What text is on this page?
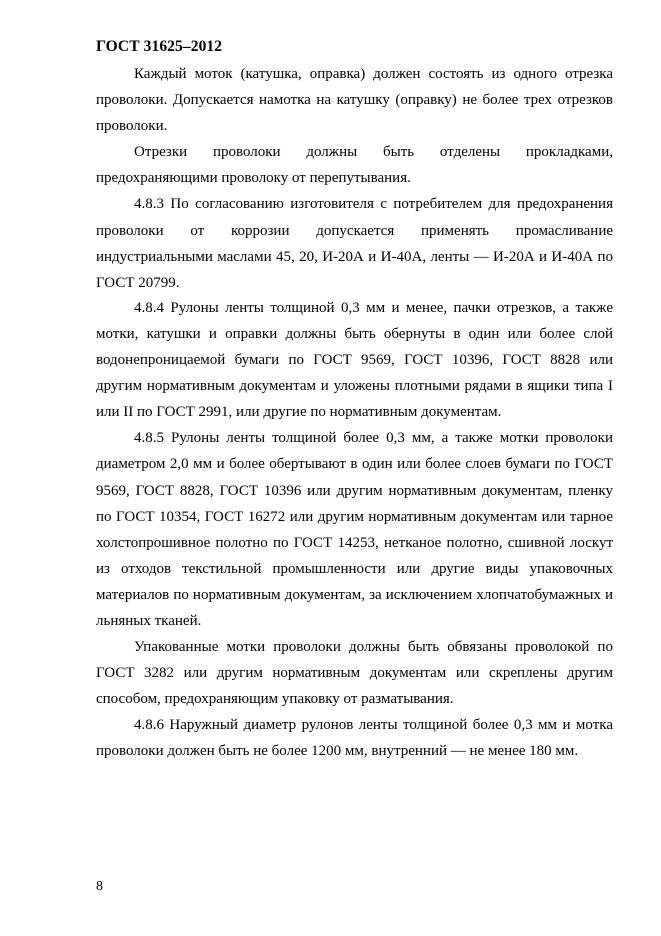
ГОСТ 31625–2012

Каждый моток (катушка, оправка) должен состоять из одного отрезка проволоки. Допускается намотка на катушку (оправку) не более трех отрезков проволоки.

Отрезки проволоки должны быть отделены прокладками, предохраняющими проволоку от перепутывания.

4.8.3 По согласованию изготовителя с потребителем для предохранения проволоки от коррозии допускается применять промасливание индустриальными маслами 45, 20, И-20А и И-40А, ленты — И-20А и И-40А по ГОСТ 20799.

4.8.4 Рулоны ленты толщиной 0,3 мм и менее, пачки отрезков, а также мотки, катушки и оправки должны быть обернуты в один или более слой водонепроницаемой бумаги по ГОСТ 9569, ГОСТ 10396, ГОСТ 8828 или другим нормативным документам и уложены плотными рядами в ящики типа I или II по ГОСТ 2991, или другие по нормативным документам.

4.8.5 Рулоны ленты толщиной более 0,3 мм, а также мотки проволоки диаметром 2,0 мм и более обертывают в один или более слоев бумаги по ГОСТ 9569, ГОСТ 8828, ГОСТ 10396 или другим нормативным документам, пленку по ГОСТ 10354, ГОСТ 16272 или другим нормативным документам или тарное холстопрошивное полотно по ГОСТ 14253, нетканое полотно, сшивной лоскут из отходов текстильной промышленности или другие виды упаковочных материалов по нормативным документам, за исключением хлопчатобумажных и льняных тканей.

Упакованные мотки проволоки должны быть обвязаны проволокой по ГОСТ 3282 или другим нормативным документам или скреплены другим способом, предохраняющим упаковку от разматывания.

4.8.6 Наружный диаметр рулонов ленты толщиной более 0,3 мм и мотка проволоки должен быть не более 1200 мм, внутренний — не менее 180 мм.

8
